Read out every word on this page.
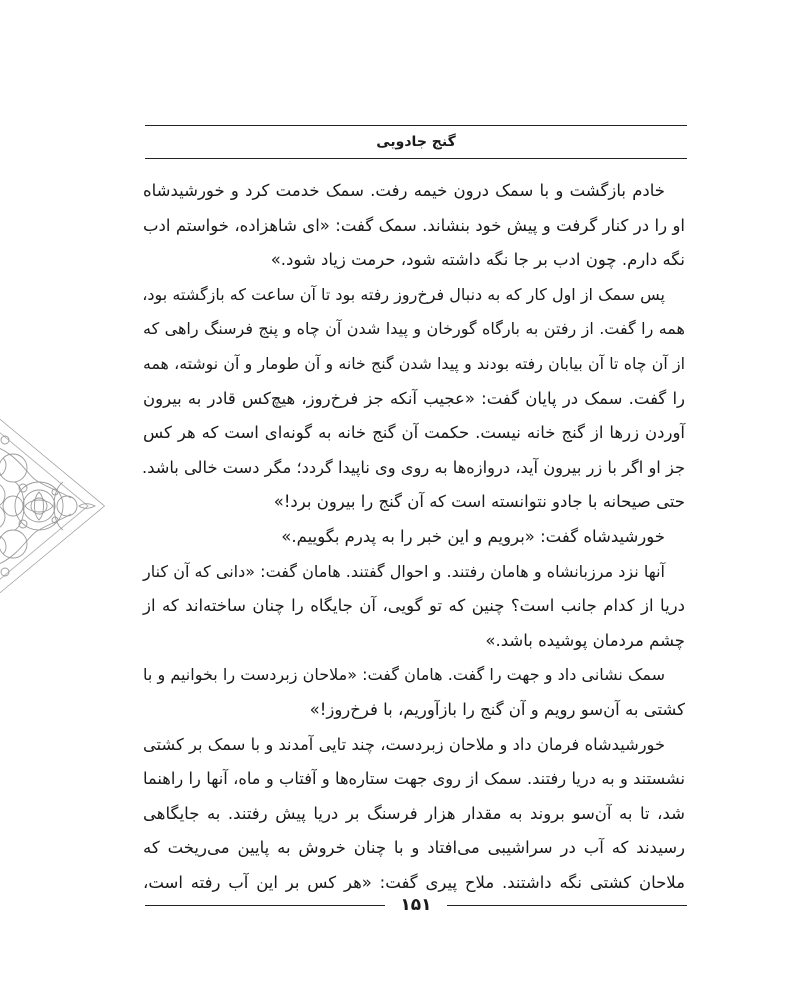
گنج جادویی
خادم بازگشت و با سمک درون خیمه رفت. سمک خدمت کرد و خورشیدشاه
او را در کنار گرفت و پیش خود بنشاند. سمک گفت: «ای شاهزاده، خواستم ادب
نگه دارم. چون ادب بر جا نگه داشته شود، حرمت زیاد شود.»
پس سمک از اول کار که به دنبال فرخ‌روز رفته بود تا آن ساعت که بازگشته بود،
همه را گفت. از رفتن به بارگاه گورخان و پیدا شدن آن چاه و پنج فرسنگ راهی که
از آن چاه تا آن بیابان رفته بودند و پیدا شدن گنج خانه و آن طومار و آن نوشته، همه
را گفت. سمک در پایان گفت: «عجیب آنکه جز فرخ‌روز، هیچ‌کس قادر به بیرون
آوردن زرها از گنج خانه نیست. حکمت آن گنج خانه به گونه‌ای است که هر کس
جز او اگر با زر بیرون آید، دروازه‌ها به روی وی ناپیدا گردد؛ مگر دست خالی باشد.
حتی صیحانه با جادو نتوانسته است که آن گنج را بیرون برد!»
خورشیدشاه گفت: «برویم و این خبر را به پدرم بگوییم.»
آنها نزد مرزبانشاه و هامان رفتند. و احوال گفتند. هامان گفت: «دانی که آن کنار
دریا از کدام جانب است؟ چنین که تو گویی، آن جایگاه را چنان ساخته‌اند که از
چشم مردمان پوشیده باشد.»
سمک نشانی داد و جهت را گفت. هامان گفت: «ملاحان زبردست را بخوانیم و با
کشتی به آن‌سو رویم و آن گنج را بازآوریم، با فرخ‌روز!»
خورشیدشاه فرمان داد و ملاحان زبردست، چند تایی آمدند و با سمک بر کشتی
نشستند و به دریا رفتند. سمک از روی جهت ستاره‌ها و آفتاب و ماه، آنها را راهنما
شد، تا به آن‌سو بروند به مقدار هزار فرسنگ بر دریا پیش رفتند. به جایگاهی
رسیدند که آب در سراشیبی می‌افتاد و با چنان خروش به پایین می‌ریخت که
ملاحان کشتی نگه داشتند. ملاح پیری گفت: «هر کس بر این آب رفته است،
۱۵۱
